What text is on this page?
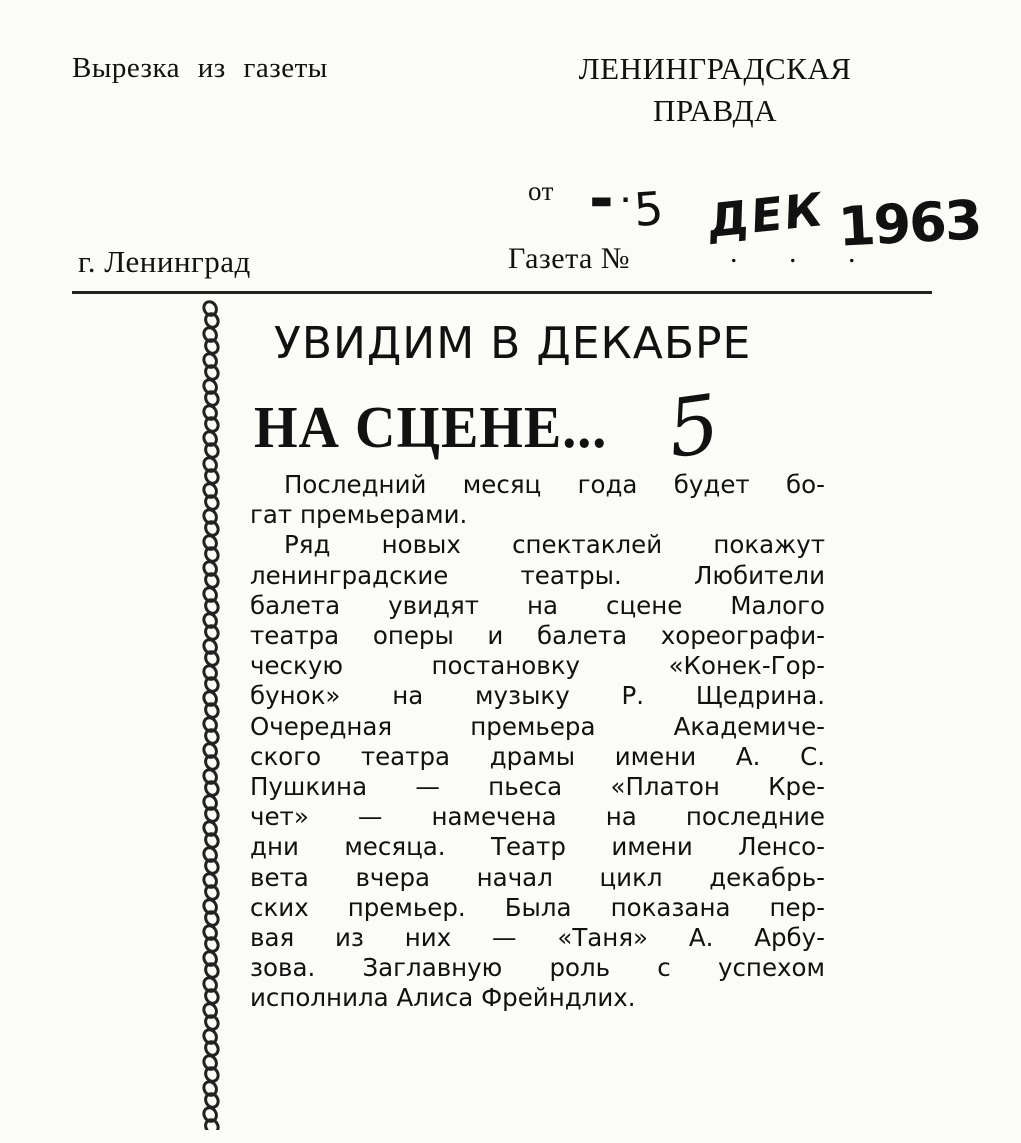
Вырезка из газеты	ЛЕНИНГРАДСКАЯ
ПРАВДА
от ▬ · 5 ДЕК 1963
г. Ленинград	Газета №	. . .
УВИДИМ В ДЕКАБРЕ
НА СЦЕНЕ... 5
Последний месяц года будет бо-
гат премьерами.
Ряд новых спектаклей покажут
ленинградские театры. Любители
балета увидят на сцене Малого
театра оперы и балета хореографи-
ческую постановку «Конек-Гор-
бунок» на музыку Р. Щедрина.
Очередная премьера Академиче-
ского театра драмы имени А. С.
Пушкина — пьеса «Платон Кре-
чет» — намечена на последние
дни месяца. Театр имени Ленсо-
вета вчера начал цикл декабрь-
ских премьер. Была показана пер-
вая из них — «Таня» А. Арбу-
зова. Заглавную роль с успехом
исполнила Алиса Фрейндлих.
